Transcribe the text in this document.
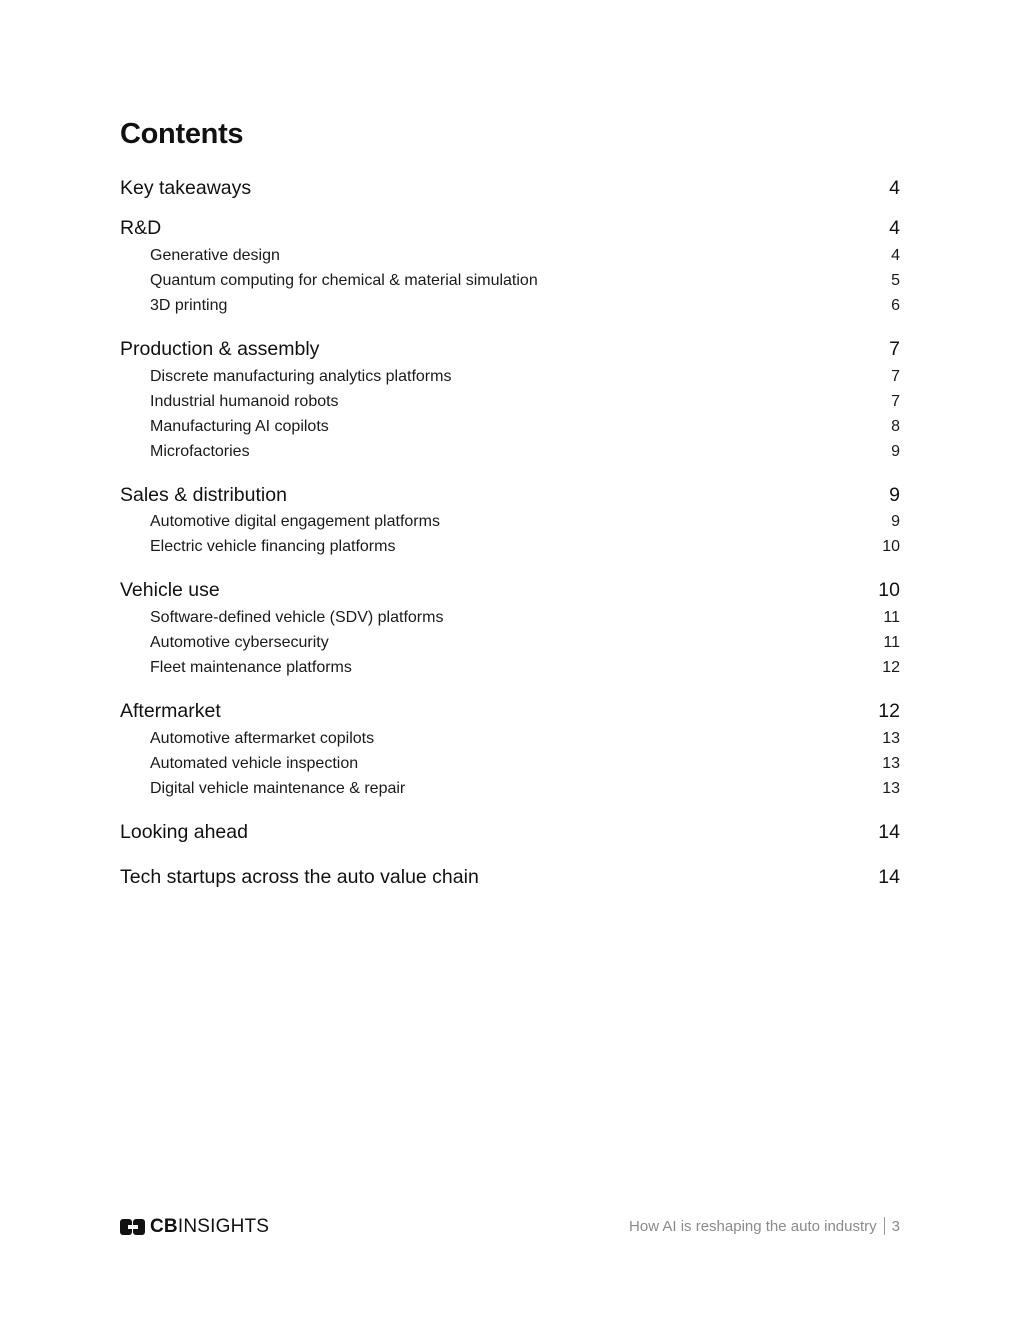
Contents
Key takeaways	4
R&D	4
Generative design	4
Quantum computing for chemical & material simulation	5
3D printing	6
Production & assembly	7
Discrete manufacturing analytics platforms	7
Industrial humanoid robots	7
Manufacturing AI copilots	8
Microfactories	9
Sales & distribution	9
Automotive digital engagement platforms	9
Electric vehicle financing platforms	10
Vehicle use	10
Software-defined vehicle (SDV) platforms	11
Automotive cybersecurity	11
Fleet maintenance platforms	12
Aftermarket	12
Automotive aftermarket copilots	13
Automated vehicle inspection	13
Digital vehicle maintenance & repair	13
Looking ahead	14
Tech startups across the auto value chain	14
CBINSIGHTS	How AI is reshaping the auto industry 3
